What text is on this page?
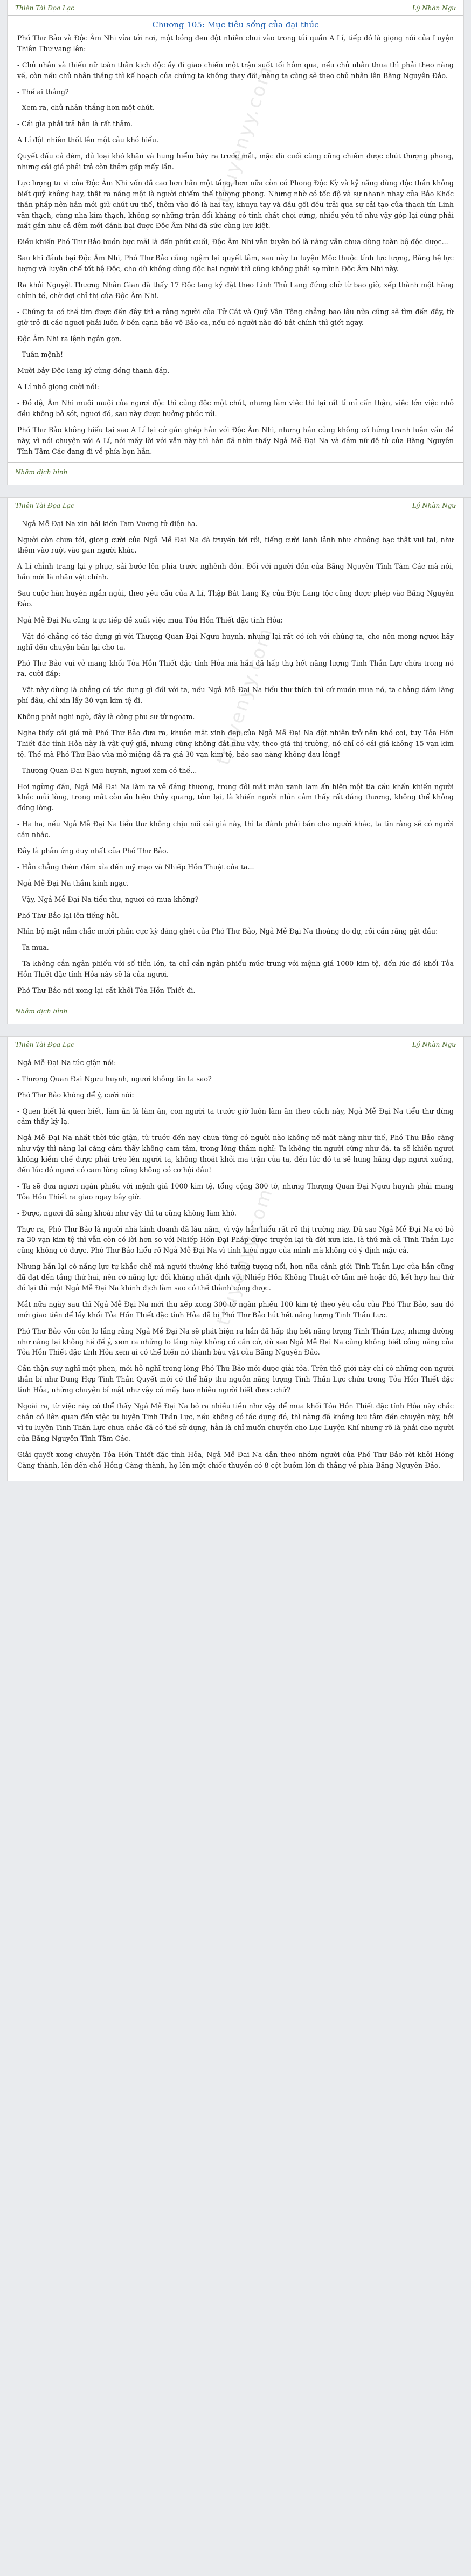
truyenyy.com
Thiên Tài Đọa Lạc	Lý Nhàn Ngư
Chương 105: Mục tiêu sống của đại thúc

Phó Thư Bảo và Độc Âm Nhi vừa tới nơi, một bóng đen đột nhiên chui vào trong túi quần A Lí, tiếp đó là giọng nói của Luyện Thiên Thư vang lên:

- Chủ nhân và thiếu nữ toàn thân kịch độc ấy đi giao chiến một trận suốt tối hôm qua, nếu chủ nhân thua thì phải theo nàng về, còn nếu chủ nhân thắng thì kế hoạch của chúng ta không thay đổi, nàng ta cũng sẽ theo chủ nhân lên Băng Nguyên Đảo.

- Thế ai thắng?

- Xem ra, chủ nhân thắng hơn một chút.

- Cái gìa phải trả hẳn là rất thảm.

A Lí đột nhiên thốt lên một câu khó hiểu.

Quyết đấu cả đêm, đủ loại khó khăn và hung hiểm bày ra trước mắt, mặc dù cuối cùng cũng chiếm được chút thượng phong, nhưng cái giá phải trả còn thảm gấp mấy lần.

Lực lượng tu vi của Độc Âm Nhi vốn đã cao hơn hắn một tầng, hơn nữa còn có Phong Độc Kỳ và kỹ năng dùng độc thần không biết quỷ không hay, thật ra năng một là người chiếm thế thượng phong. Nhưng nhờ có tốc độ và sự nhanh nhạy của Bảo Khốc thần pháp nên hắn mới giữ chút ưu thế, thêm vào đó là hai tay, khuyu tay và đầu gối đều trải qua sự cải tạo của thạch tín Linh văn thạch, cùng nha kim thạch, không sợ những trận đổi kháng có tính chất chọi cứng, nhiều yếu tố như vậy góp lại cùng phải mất gần như cả đêm mới đánh bại được Độc Âm Nhi đã sức cùng lực kiệt.

Điều khiến Phó Thư Bảo buồn bực mãi là đến phút cuối, Độc Âm Nhi vẫn tuyên bố là nàng vẫn chưa dùng toàn bộ độc dược...

Sau khi đánh bại Độc Âm Nhi, Phó Thư Bảo cũng ngậm lại quyết tâm, sau này tu luyện Mộc thuộc tính lực lượng, Băng hệ lực lượng và luyện chế tốt hệ Độc, cho dù không dùng độc hại người thì cũng không phải sợ mình Độc Âm Nhi này.

Ra khỏi Nguyệt Thượng Nhân Gian đã thấy 17 Độc lang ký đặt theo Linh Thủ Lang đứng chờ từ bao giờ, xếp thành một hàng chỉnh tề, chờ đợi chỉ thị của Độc Âm Nhi.

- Chúng ta có thể tìm được đến đây thì e rằng người của Tử Cát và Quỷ Vân Tông chẳng bao lâu nữa cũng sẽ tìm đến đây, từ giờ trở đi các ngươi phải luôn ở bên cạnh bảo vệ Bảo ca, nếu có người nào đó bắt chính thì giết ngay.

Độc Âm Nhi ra lệnh ngắn gọn.

- Tuân mệnh!

Mười bảy Độc lang ký cùng đồng thanh đáp.

A Lí nhỏ giọng cười nói:

- Đồ dệ, Âm Nhi muội muội của ngươi độc thì cũng độc một chút, nhưng làm việc thì lại rất tỉ mỉ cẩn thận, việc lớn việc nhỏ đều không bỏ sót, ngươi đó, sau này được hưởng phúc rồi.

Phó Thư Bảo không hiểu tại sao A Lí lại cứ gán ghép hắn với Độc Âm Nhi, nhưng hắn cũng không có hứng tranh luận vấn đề này, vì nói chuyện với A Lí, nói mấy lời với vẫn này thì hắn đã nhìn thấy Ngả Mễ Đại Na và đám nữ đệ tử của Băng Nguyên Tĩnh Tâm Các đang đi về phía bọn hắn.

Nhâm dịch bình
truyenyy.com
Thiên Tài Đọa Lạc	Lý Nhàn Ngư

- Ngả Mễ Đại Na xin bái kiến Tam Vương tử điện hạ.

Người còn chưa tới, giọng cười của Ngả Mễ Đại Na đã truyền tới rồi, tiếng cười lanh lảnh như chuông bạc thật vui tai, như thêm vào ruột vào gan người khác.

A Lí chỉnh trang lại y phục, sải bước lên phía trước nghênh đón. Đối với người đến của Băng Nguyên Tĩnh Tâm Các mà nói, hắn mới là nhân vật chính.

Sau cuộc hàn huyên ngắn ngủi, theo yêu cầu của A Lí, Thập Bát Lang Kỵ của Độc Lang tộc cũng được phép vào Băng Nguyên Đảo.

Ngả Mễ Đại Na cũng trực tiếp đề xuất việc mua Tỏa Hồn Thiết đặc tính Hỏa:

- Vật đó chẳng có tác dụng gì với Thượng Quan Đại Ngưu huynh, nhưng lại rất có ích với chúng ta, cho nên mong ngươi hãy nghĩ đến chuyện bán lại cho ta.

Phó Thư Bảo vui vẻ mang khối Tỏa Hồn Thiết đặc tính Hỏa mà hắn đã hấp thụ hết năng lượng Tinh Thần Lực chứa trong nó ra, cười đáp:

- Vật này dùng là chẳng có tác dụng gì đối với ta, nếu Ngả Mễ Đại Na tiểu thư thích thì cứ muốn mua nó, ta chẳng dám lãng phí đâu, chỉ xin lấy 30 vạn kim tệ đi.

Không phải nghi ngờ, đây là công phu sư tử ngoạm.

Nghe thấy cái giá mà Phó Thư Bảo đưa ra, khuôn mặt xinh đẹp của Ngả Mễ Đại Na đột nhiên trở nên khó coi, tuy Tỏa Hồn Thiết đặc tính Hỏa này là vật quý giá, nhưng cũng không đắt như vậy, theo giá thị trường, nó chỉ có cái giá không 15 vạn kim tệ. Thế mà Phó Thư Bảo vừa mở miệng đã ra giá 30 vạn kim tệ, bảo sao nàng không đau lòng!

- Thượng Quan Đại Ngưu huynh, ngươi xem có thể...

Hơi ngừng đầu, Ngả Mễ Đại Na làm ra vẻ đáng thương, trong đôi mắt màu xanh lam ẩn hiện một tia cầu khẩn khiến người khác mủi lòng, trong mắt còn ẩn hiện thủy quang, tôm lại, là khiến người nhìn cảm thấy rất đáng thương, không thể không đồng lòng.

- Ha ha, nếu Ngả Mễ Đại Na tiểu thư không chịu nổi cái giá này, thì ta đành phải bán cho người khác, ta tin rằng sẽ có người cần nhắc.

Đây là phản ứng duy nhất của Phó Thư Bảo.

- Hẳn chẳng thèm đếm xỉa đến mỹ mạo và Nhiếp Hồn Thuật của ta...

Ngả Mễ Đại Na thầm kinh ngạc.

- Vậy, Ngả Mễ Đại Na tiểu thư, ngươi có mua không?

Phó Thư Bảo lại lên tiếng hỏi.

Nhìn bộ mặt nắm chắc mười phần cực kỳ đáng ghét của Phó Thư Bảo, Ngả Mễ Đại Na thoáng do dự, rồi cắn răng gật đầu:

- Ta mua.

- Ta không cần ngân phiếu với số tiền lớn, ta chỉ cần ngân phiếu mức trung với mệnh giá 1000 kim tệ, đến lúc đó khối Tỏa Hồn Thiết đặc tính Hỏa này sẽ là của ngươi.

Phó Thư Bảo nói xong lại cất khối Tỏa Hồn Thiết đi.

Nhâm dịch bình
truyenyy.com
Thiên Tài Đọa Lạc	Lý Nhàn Ngư

Ngả Mễ Đại Na tức giận nói:

- Thượng Quan Đại Ngưu huynh, ngươi không tin ta sao?

Phó Thư Bảo không để ý, cười nói:

- Quen biết là quen biết, làm ăn là làm ăn, con người ta trước giờ luôn làm ăn theo cách này, Ngả Mễ Đại Na tiểu thư đừng cảm thấy kỳ lạ.

Ngả Mễ Đại Na nhất thời tức giận, từ trước đến nay chưa từng có người nào không nể mặt nàng như thế, Phó Thư Bảo càng như vậy thì nàng lại càng cảm thấy không cam tâm, trong lòng thầm nghĩ: Ta không tin người cứng như đá, ta sẽ khiến ngươi không kiềm chế được phải trèo lên người ta, không thoát khỏi ma trận của ta, đến lúc đó ta sẽ hung hăng đạp ngươi xuống, đến lúc đó ngươi có cam lòng cũng không có cơ hội đâu!

- Ta sẽ đưa ngươi ngân phiếu với mệnh giá 1000 kim tệ, tổng cộng 300 tờ, nhưng Thượng Quan Đại Ngưu huynh phải mang Tỏa Hồn Thiết ra giao ngay bây giờ.

- Được, ngươi đã sảng khoái như vậy thì ta cũng không làm khó.

Thực ra, Phó Thư Bảo là người nhà kinh doanh đã lâu năm, vì vậy hắn hiểu rất rõ thị trường này. Dù sao Ngả Mễ Đại Na có bỏ ra 30 vạn kim tệ thì vẫn còn có lời hơn so với Nhiếp Hồn Đại Pháp được truyền lại từ đời xưa kia, là thứ mà cả Tinh Thần Lục cũng không có được. Phó Thư Bảo hiểu rõ Ngả Mễ Đại Na vì tính kiêu ngạo của mình mà không có ý định mặc cả.

Nhưng hắn lại có nắng lực tự khắc chế mà người thường khó tưởng tượng nổi, hơn nữa cảnh giới Tinh Thần Lực của hắn cũng đã đạt đến tầng thứ hai, nên có năng lực đối kháng nhất định với Nhiếp Hồn Không Thuật cỡ tầm mê hoặc đó, kết hợp hai thứ đó lại thì một Ngả Mễ Đại Na khinh địch làm sao có thể thành công được.

Mắt nữa ngày sau thì Ngả Mễ Đại Na mới thu xếp xong 300 tờ ngân phiếu 100 kim tệ theo yêu cầu của Phó Thư Bảo, sau đó mới giao tiền để lấy khối Tỏa Hồn Thiết đặc tính Hỏa đã bị Phó Thư Bảo hút hết năng lượng Tinh Thần Lực.

Phó Thư Bảo vốn còn lo lắng rằng Ngả Mễ Đại Na sẽ phát hiện ra hắn đã hấp thụ hết năng lượng Tinh Thần Lực, nhưng dường như nàng lại không hề để ý, xem ra những lo lắng này không có căn cứ, dù sao Ngả Mễ Đại Na cũng không biết công năng của Tỏa Hồn Thiết đặc tính Hỏa xem ai có thể biến nó thành báu vật của Băng Nguyên Đảo.

Cần thận suy nghĩ một phen, mới hỗ nghĩ trong lòng Phó Thư Bảo mới được giải tỏa. Trên thế giới này chỉ có những con người thần bí như Dung Hợp Tinh Thần Quyết mới có thể hấp thu nguồn năng lượng Tinh Thần Lực chứa trong Tỏa Hồn Thiết đặc tính Hỏa, những chuyện bí mật như vậy có mấy bao nhiêu người biết được chứ?

Ngoài ra, từ việc này có thể thấy Ngả Mễ Đại Na bỏ ra nhiều tiền như vậy để mua khối Tỏa Hồn Thiết đặc tính Hỏa này chắc chắn có liên quan đến việc tu luyện Tinh Thần Lực, nếu không có tác dụng đó, thì nàng đã không lưu tâm đến chuyện này, bởi vì tu luyện Tinh Thần Lực chưa chắc đã có thể sử dụng, hẳn là chỉ muốn chuyển cho Lục Luyện Khí nhưng rõ là phải cho người của Băng Nguyên Tĩnh Tâm Các.

Giải quyết xong chuyện Tỏa Hồn Thiết đặc tính Hỏa, Ngả Mễ Đại Na dẫn theo nhóm người của Phó Thư Bảo rời khỏi Hồng Càng thành, lên đến chỗ Hồng Càng thành, họ lên một chiếc thuyền có 8 cột buồm lớn đi thẳng về phía Băng Nguyên Đảo.
